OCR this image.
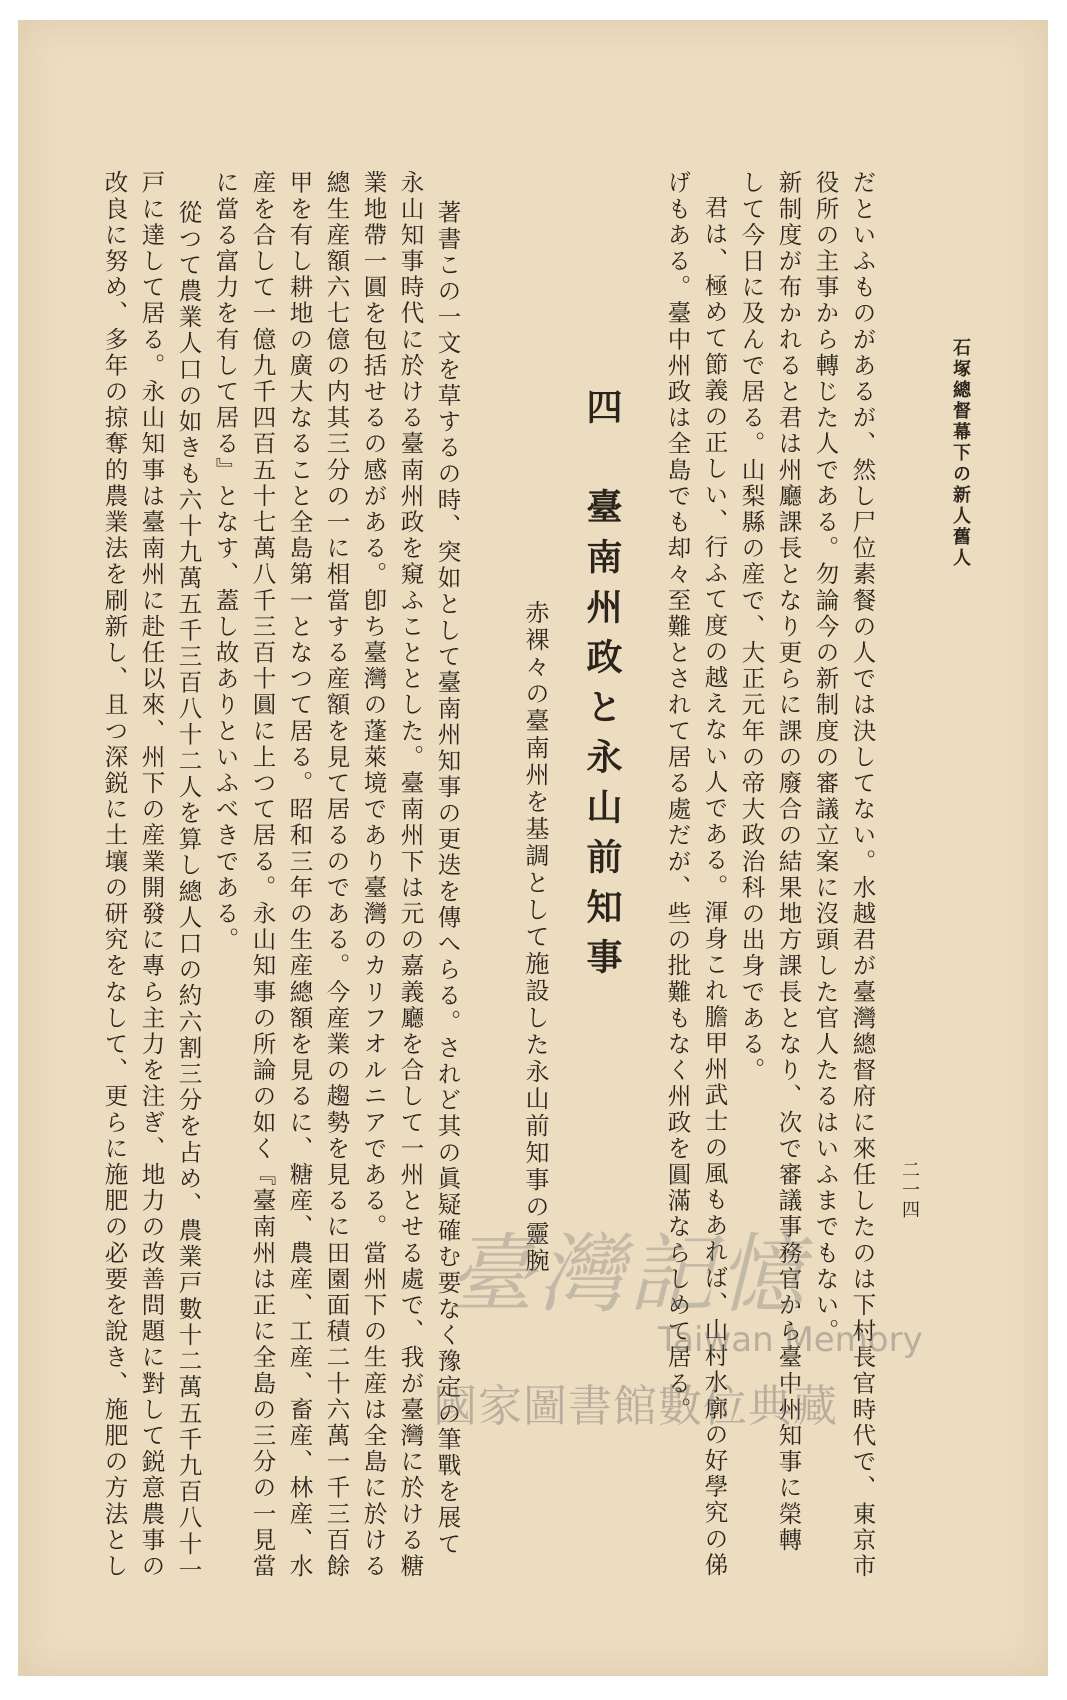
石塚總督幕下の新人舊人
二一四
だといふものがあるが、然し尸位素餐の人では決してない。水越君が臺灣總督府に來任したのは下村長官時代で、東京市
役所の主事から轉じた人である。勿論今の新制度の審議立案に沒頭した官人たるはいふまでもない。
新制度が布かれると君は州廳課長となり更らに課の廢合の結果地方課長となり、次で審議事務官から臺中州知事に榮轉
して今日に及んで居る。山梨縣の産で、大正元年の帝大政治科の出身である。
君は、極めて節義の正しい、行ふて度の越えない人である。渾身これ膽甲州武士の風もあれば、山村水廓の好學究の俤
げもある。臺中州政は全島でも却々至難とされて居る處だが、些の批難もなく州政を圓滿ならしめて居る。
四　臺南州政と永山前知事
赤裸々の臺南州を基調として施設した永山前知事の靈腕
著書この一文を草するの時、突如として臺南州知事の更迭を傳へらる。されど其の眞疑確む要なく豫定の筆戰を展て
永山知事時代に於ける臺南州政を窺ふこととした。臺南州下は元の嘉義廳を合して一州とせる處で、我が臺灣に於ける糖
業地帶一圓を包括せるの感がある。卽ち臺灣の蓬萊境であり臺灣のカリフオルニアである。當州下の生産は全島に於ける
總生産額六七億の内其三分の一に相當する産額を見て居るのである。今産業の趨勢を見るに田園面積二十六萬一千三百餘
甲を有し耕地の廣大なること全島第一となつて居る。昭和三年の生産總額を見るに、糖産、農産、工産、畜産、林産、水
産を合して一億九千四百五十七萬八千三百十圓に上つて居る。永山知事の所論の如く『臺南州は正に全島の三分の一見當
に當る富力を有して居る』となす、蓋し故ありといふべきである。
從つて農業人口の如きも六十九萬五千三百八十二人を算し總人口の約六割三分を占め、農業戸數十二萬五千九百八十一
戸に達して居る。永山知事は臺南州に赴任以來、州下の産業開發に專ら主力を注ぎ、地力の改善問題に對して鋭意農事の
改良に努め、多年の掠奪的農業法を刷新し、且つ深鋭に土壤の研究をなして、更らに施肥の必要を說き、施肥の方法とし	臺灣記憶
Taiwan Memory
國家圖書館數位典藏
